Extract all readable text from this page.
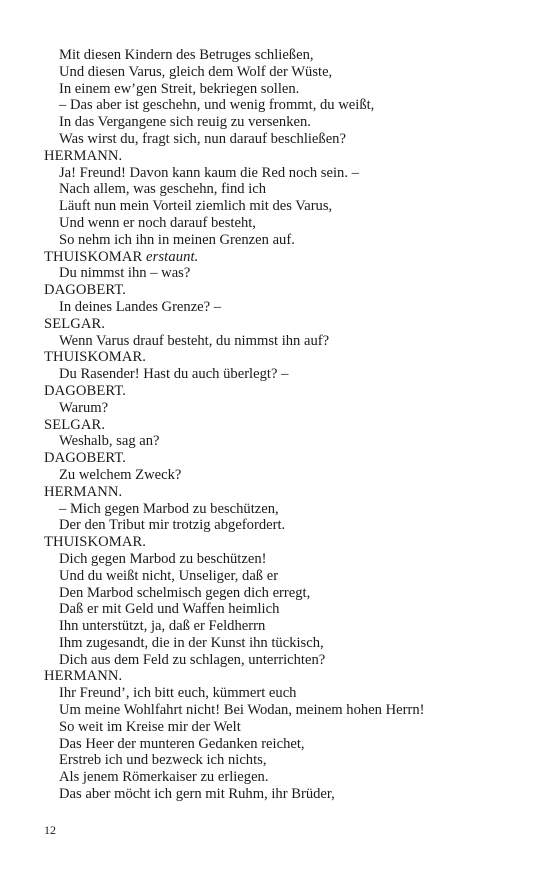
Mit diesen Kindern des Betruges schließen,
Und diesen Varus, gleich dem Wolf der Wüste,
In einem ew’gen Streit, bekriegen sollen.
– Das aber ist geschehn, und wenig frommt, du weißt,
In das Vergangene sich reuig zu versenken.
Was wirst du, fragt sich, nun darauf beschließen?
HERMANN.
Ja! Freund! Davon kann kaum die Red noch sein. –
Nach allem, was geschehn, find ich
Läuft nun mein Vorteil ziemlich mit des Varus,
Und wenn er noch darauf besteht,
So nehm ich ihn in meinen Grenzen auf.
THUISKOMAR erstaunt.
Du nimmst ihn – was?
DAGOBERT.
In deines Landes Grenze? –
SELGAR.
Wenn Varus drauf besteht, du nimmst ihn auf?
THUISKOMAR.
Du Rasender! Hast du auch überlegt? –
DAGOBERT.
Warum?
SELGAR.
Weshalb, sag an?
DAGOBERT.
Zu welchem Zweck?
HERMANN.
– Mich gegen Marbod zu beschützen,
Der den Tribut mir trotzig abgefordert.
THUISKOMAR.
Dich gegen Marbod zu beschützen!
Und du weißt nicht, Unseliger, daß er
Den Marbod schelmisch gegen dich erregt,
Daß er mit Geld und Waffen heimlich
Ihn unterstützt, ja, daß er Feldherrn
Ihm zugesandt, die in der Kunst ihn tückisch,
Dich aus dem Feld zu schlagen, unterrichten?
HERMANN.
Ihr Freund’, ich bitt euch, kümmert euch
Um meine Wohlfahrt nicht! Bei Wodan, meinem hohen Herrn!
So weit im Kreise mir der Welt
Das Heer der munteren Gedanken reichet,
Erstreb ich und bezweck ich nichts,
Als jenem Römerkaiser zu erliegen.
Das aber möcht ich gern mit Ruhm, ihr Brüder,
12
